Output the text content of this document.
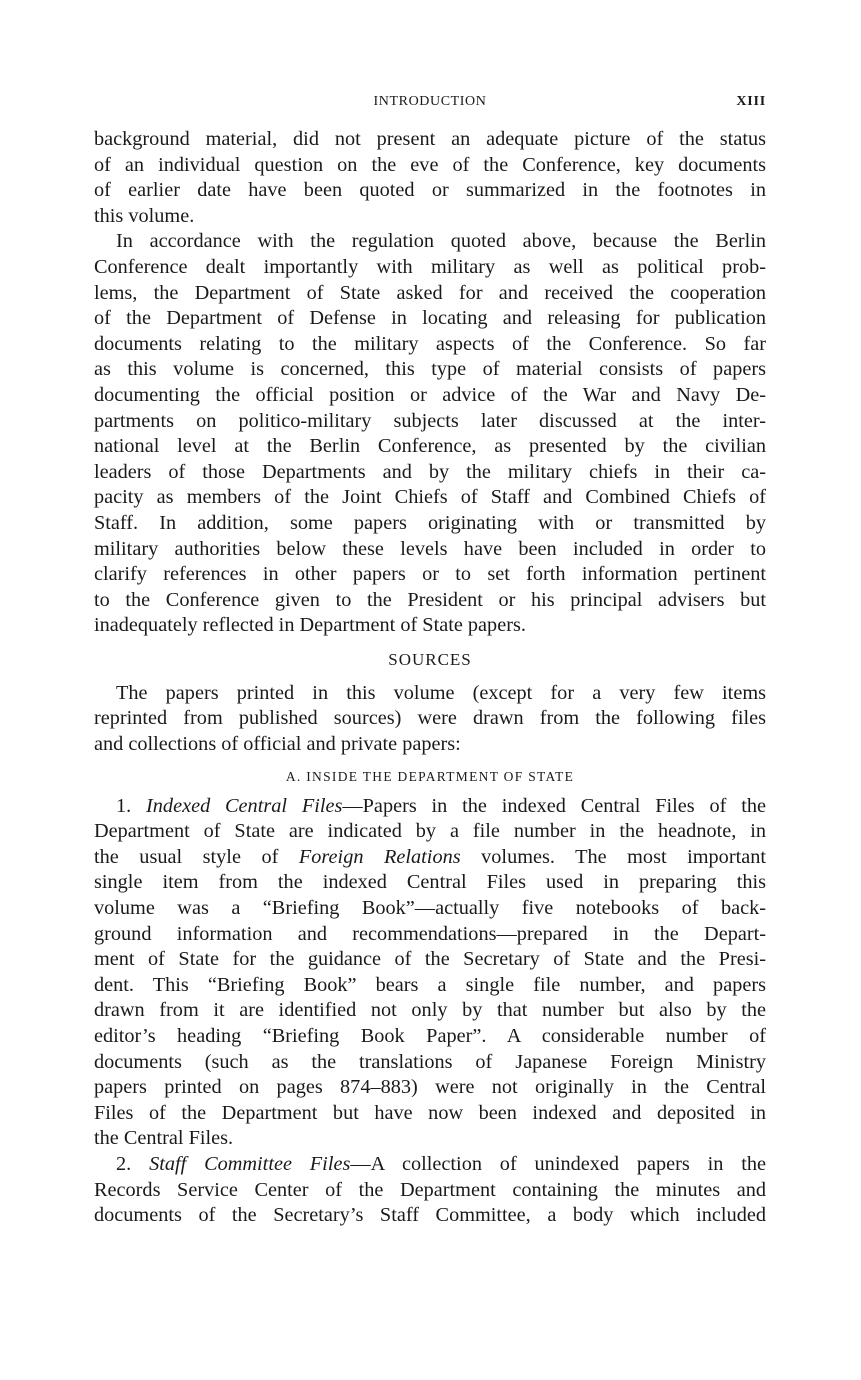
INTRODUCTION	XIII
background material, did not present an adequate picture of the status
of an individual question on the eve of the Conference, key documents
of earlier date have been quoted or summarized in the footnotes in
this volume.
In accordance with the regulation quoted above, because the Berlin
Conference dealt importantly with military as well as political prob-
lems, the Department of State asked for and received the cooperation
of the Department of Defense in locating and releasing for publication
documents relating to the military aspects of the Conference. So far
as this volume is concerned, this type of material consists of papers
documenting the official position or advice of the War and Navy De-
partments on politico-military subjects later discussed at the inter-
national level at the Berlin Conference, as presented by the civilian
leaders of those Departments and by the military chiefs in their ca-
pacity as members of the Joint Chiefs of Staff and Combined Chiefs of
Staff. In addition, some papers originating with or transmitted by
military authorities below these levels have been included in order to
clarify references in other papers or to set forth information pertinent
to the Conference given to the President or his principal advisers but
inadequately reflected in Department of State papers.
SOURCES
The papers printed in this volume (except for a very few items
reprinted from published sources) were drawn from the following files
and collections of official and private papers:
A. INSIDE THE DEPARTMENT OF STATE
1. Indexed Central Files—Papers in the indexed Central Files of the
Department of State are indicated by a file number in the headnote, in
the usual style of Foreign Relations volumes. The most important
single item from the indexed Central Files used in preparing this
volume was a “Briefing Book”—actually five notebooks of back-
ground information and recommendations—prepared in the Depart-
ment of State for the guidance of the Secretary of State and the Presi-
dent. This “Briefing Book” bears a single file number, and papers
drawn from it are identified not only by that number but also by the
editor’s heading “Briefing Book Paper”. A considerable number of
documents (such as the translations of Japanese Foreign Ministry
papers printed on pages 874–883) were not originally in the Central
Files of the Department but have now been indexed and deposited in
the Central Files.
2. Staff Committee Files—A collection of unindexed papers in the
Records Service Center of the Department containing the minutes and
documents of the Secretary’s Staff Committee, a body which included
